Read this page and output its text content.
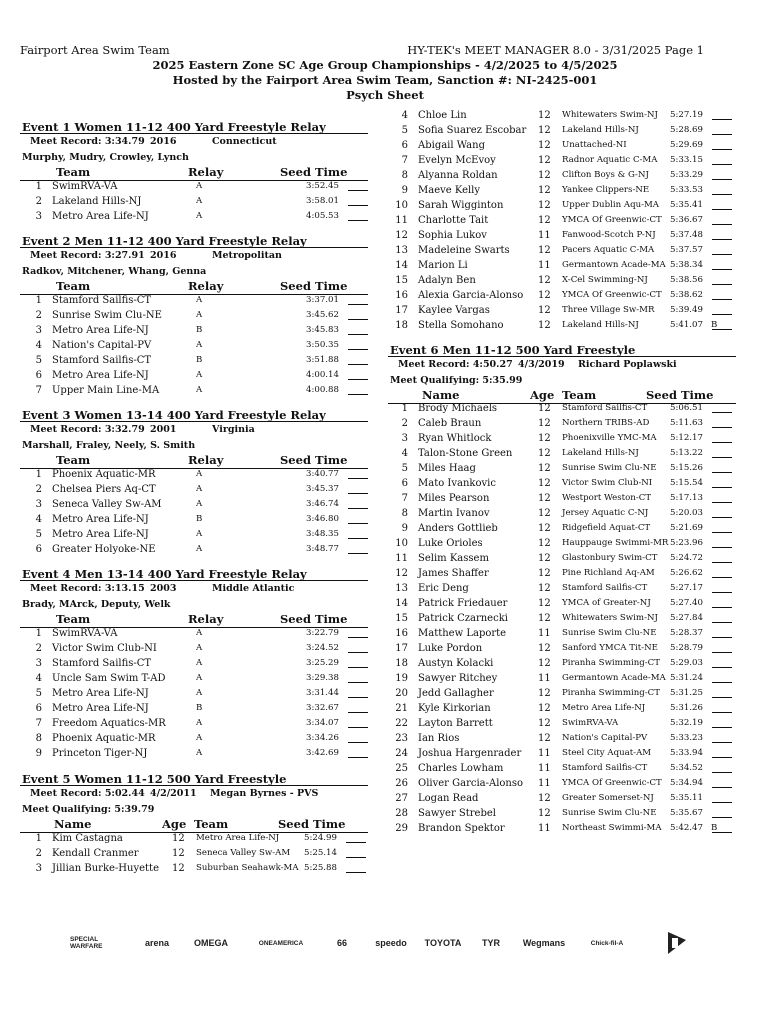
Fairport Area Swim Team	HY-TEK's MEET MANAGER 8.0 - 3/31/2025 Page 1
2025 Eastern Zone SC Age Group Championships - 4/2/2025 to 4/5/2025
Hosted by the Fairport Area Swim Team, Sanction #: NI-2425-001
Psych Sheet
Event 1 Women 11-12 400 Yard Freestyle Relay
Meet Record: 3:34.79 2016	Connecticut
Murphy, Mudry, Crowley, Lynch
Team	Relay	Seed Time
1 SwimRVA-VA	A	3:52.45
2 Lakeland Hills-NJ	A	3:58.01
3 Metro Area Life-NJ	A	4:05.53
Event 2 Men 11-12 400 Yard Freestyle Relay
Meet Record: 3:27.91 2016	Metropolitan
Radkov, Mitchener, Whang, Genna
Team	Relay	Seed Time
1 Stamford Sailfis-CT	A	3:37.01
2 Sunrise Swim Clu-NE	A	3:45.62
3 Metro Area Life-NJ	B	3:45.83
4 Nation's Capital-PV	A	3:50.35
5 Stamford Sailfis-CT	B	3:51.88
6 Metro Area Life-NJ	A	4:00.14
7 Upper Main Line-MA	A	4:00.88
Event 3 Women 13-14 400 Yard Freestyle Relay
Meet Record: 3:32.79 2001	Virginia
Marshall, Fraley, Neely, S. Smith
Team	Relay	Seed Time
1 Phoenix Aquatic-MR	A	3:40.77
2 Chelsea Piers Aq-CT	A	3:45.37
3 Seneca Valley Sw-AM	A	3:46.74
4 Metro Area Life-NJ	B	3:46.80
5 Metro Area Life-NJ	A	3:48.35
6 Greater Holyoke-NE	A	3:48.77
Event 4 Men 13-14 400 Yard Freestyle Relay
Meet Record: 3:13.15 2003	Middle Atlantic
Brady, MArck, Deputy, Welk
Team	Relay	Seed Time
1 SwimRVA-VA	A	3:22.79
2 Victor Swim Club-NI	A	3:24.52
3 Stamford Sailfis-CT	A	3:25.29
4 Uncle Sam Swim T-AD	A	3:29.38
5 Metro Area Life-NJ	A	3:31.44
6 Metro Area Life-NJ	B	3:32.67
7 Freedom Aquatics-MR	A	3:34.07
8 Phoenix Aquatic-MR	A	3:34.26
9 Princeton Tiger-NJ	A	3:42.69
Event 5 Women 11-12 500 Yard Freestyle
Meet Record: 5:02.44 4/2/2011 Megan Byrnes - PVS
Meet Qualifying: 5:39.79
Name	Age Team	Seed Time
1 Kim Castagna	12 Metro Area Life-NJ	5:24.99
2 Kendall Cranmer	12 Seneca Valley Sw-AM 5:25.14
3 Jillian Burke-Huyette 12 Suburban Seahawk-MA 5:25.88
4 Chloe Lin	12 Whitewaters Swim-NJ 5:27.19
5 Sofia Suarez Escobar 12 Lakeland Hills-NJ	5:28.69
6 Abigail Wang	12 Unattached-NI	5:29.69
7 Evelyn McEvoy	12 Radnor Aquatic C-MA 5:33.15
8 Alyanna Roldan	12 Clifton Boys & G-NJ 5:33.29
9 Maeve Kelly	12 Yankee Clippers-NE 5:33.53
10 Sarah Wigginton	12 Upper Dublin Aqu-MA 5:35.41
11 Charlotte Tait	12 YMCA Of Greenwic-CT 5:36.67
12 Sophia Lukov	11 Fanwood-Scotch P-NJ 5:37.48
13 Madeleine Swarts	12 Pacers Aquatic C-MA 5:37.57
14 Marion Li	11 Germantown Acade-MA 5:38.34
15 Adalyn Ben	12 X-Cel Swimming-NJ	5:38.56
16 Alexia Garcia-Alonso 12 YMCA Of Greenwic-CT 5:38.62
17 Kaylee Vargas	12 Three Village Sw-MR 5:39.49
18 Stella Somohano	12 Lakeland Hills-NJ	5:41.07 B
Event 6 Men 11-12 500 Yard Freestyle
Meet Record: 4:50.27 4/3/2019 Richard Poplawski
Meet Qualifying: 5:35.99
Name	Age Team	Seed Time
1 Brody Michaels	12 Stamford Sailfis-CT	5:06.51
2 Caleb Braun	12 Northern TRIBS-AD 5:11.63
3 Ryan Whitlock	12 Phoenixville YMC-MA 5:12.17
4 Talon-Stone Green	12 Lakeland Hills-NJ	5:13.22
5 Miles Haag	12 Sunrise Swim Clu-NE 5:15.26
6 Mato Ivankovic	12 Victor Swim Club-NI 5:15.54
7 Miles Pearson	12 Westport Weston-CT 5:17.13
8 Martin Ivanov	12 Jersey Aquatic C-NJ	5:20.03
9 Anders Gottlieb	12 Ridgefield Aquat-CT 5:21.69
10 Luke Orioles	12 Hauppauge Swimmi-MR 5:23.96
11 Selim Kassem	12 Glastonbury Swim-CT 5:24.72
12 James Shaffer	12 Pine Richland Aq-AM 5:26.62
13 Eric Deng	12 Stamford Sailfis-CT	5:27.17
14 Patrick Friedauer	12 YMCA of Greater-NJ 5:27.40
15 Patrick Czarnecki	12 Whitewaters Swim-NJ 5:27.84
16 Matthew Laporte	11 Sunrise Swim Clu-NE 5:28.37
17 Luke Pordon	12 Sanford YMCA Tit-NE 5:28.79
18 Austyn Kolacki	12 Piranha Swimming-CT 5:29.03
19 Sawyer Ritchey	11 Germantown Acade-MA 5:31.24
20 Jedd Gallagher	12 Piranha Swimming-CT 5:31.25
21 Kyle Kirkorian	12 Metro Area Life-NJ	5:31.26
22 Layton Barrett	12 SwimRVA-VA	5:32.19
23 Ian Rios	12 Nation's Capital-PV	5:33.23
24 Joshua Hargenrader 11 Steel City Aquat-AM 5:33.94
25 Charles Lowham	11 Stamford Sailfis-CT	5:34.52
26 Oliver Garcia-Alonso 11 YMCA Of Greenwic-CT 5:34.94
27 Logan Read	12 Greater Somerset-NJ 5:35.11
28 Sawyer Strebel	12 Sunrise Swim Clu-NE 5:35.67
29 Brandon Spektor	11 Northeast Swimmi-MA 5:42.47 B
SPECIAL WARFARE	arena	OMEGA	ONEAMERICA	66	speedo TOYOTA TYR	Wegmans	Chick-fil-A
